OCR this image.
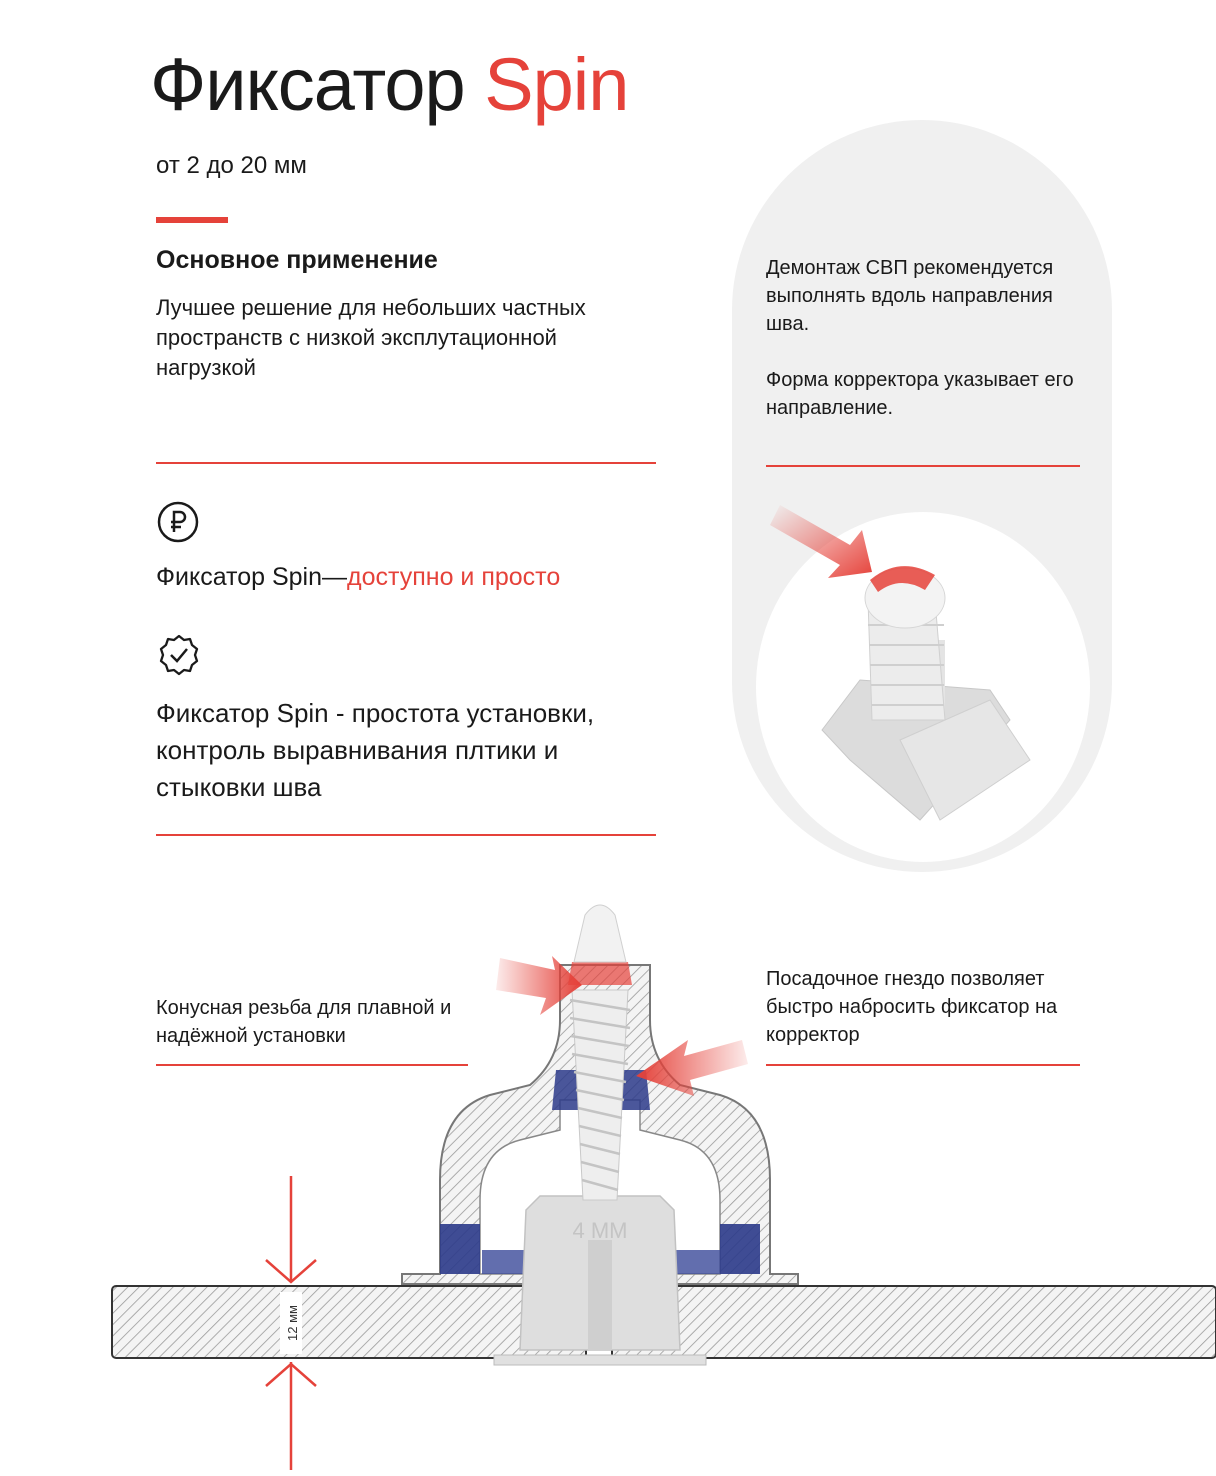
Фиксатор Spin
от 2 до 20 мм
Основное применение
Лучшее решение для небольших частных пространств с низкой эксплутационной нагрузкой
Фиксатор Spin—доступно и просто
Фиксатор Spin - простота установки, контроль выравнивания плтики и стыковки шва

Демонтаж СВП рекомендуется выполнять вдоль направления шва.

Форма корректора указывает его направление.

4 ММ
12 мм
Конусная резьба для плавной и надёжной установки
Посадочное гнездо позволяет быстро набросить фиксатор на корректор
